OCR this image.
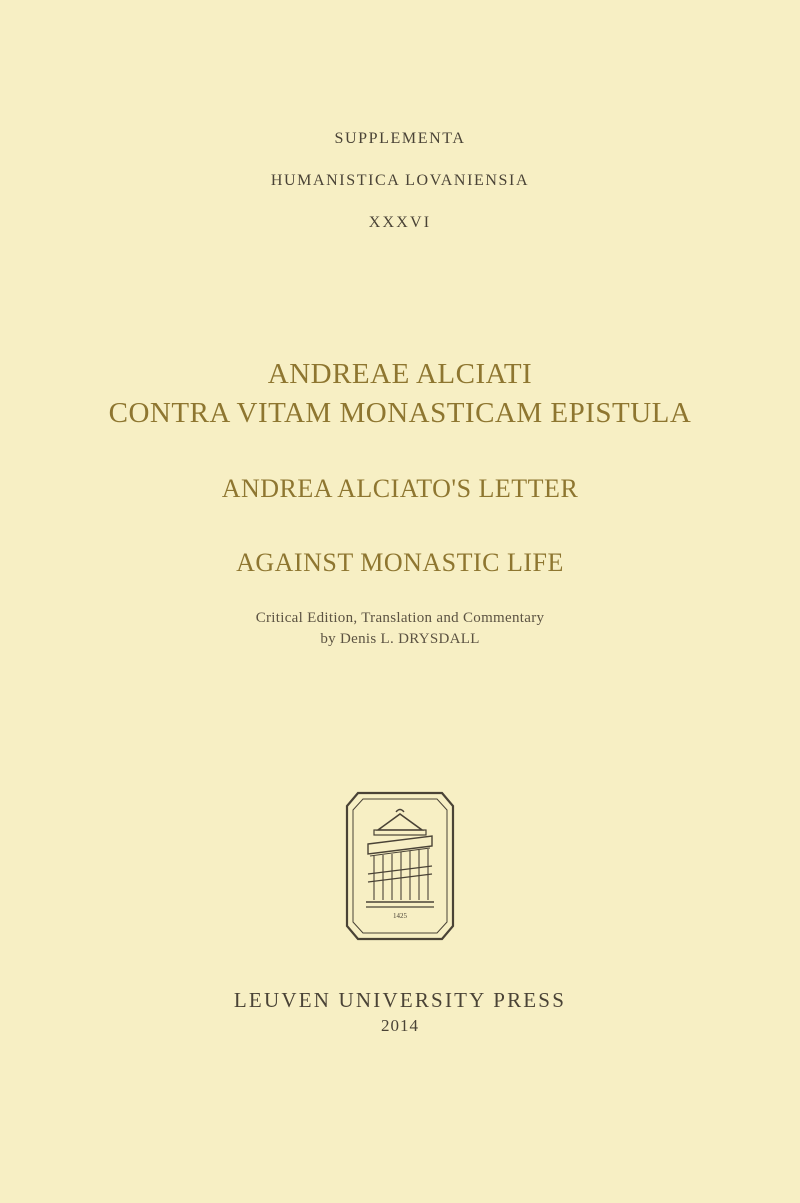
SUPPLEMENTA
HUMANISTICA LOVANIENSIA
XXXVI
ANDREAE ALCIATI
CONTRA VITAM MONASTICAM EPISTULA
ANDREA ALCIATO'S LETTER
AGAINST MONASTIC LIFE
Critical Edition, Translation and Commentary
by Denis L. DRYSDALL
1425
LEUVEN UNIVERSITY PRESS
2014
